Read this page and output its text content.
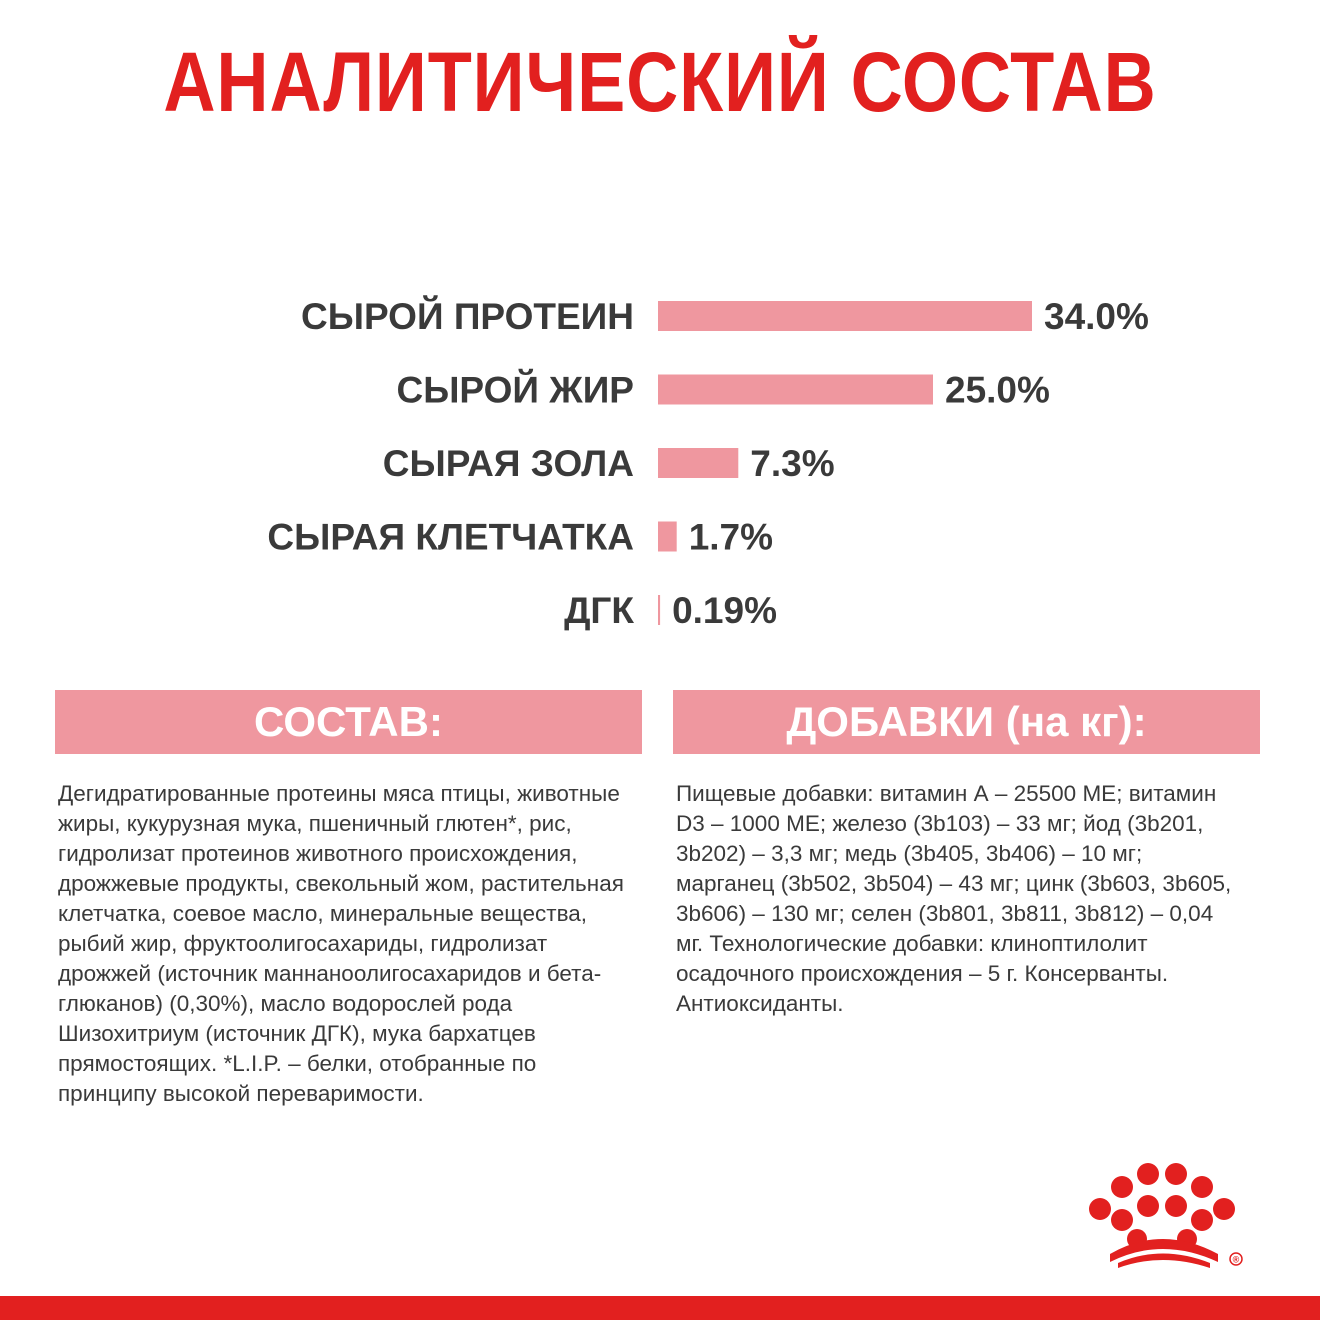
АНАЛИТИЧЕСКИЙ СОСТАВ
СЫРОЙ ПРОТЕИН	34.0%
СЫРОЙ ЖИР	25.0%
СЫРАЯ ЗОЛА	7.3%
СЫРАЯ КЛЕТЧАТКА 1.7%
ДГК 0.19%
СОСТАВ:	ДОБАВКИ (на кг):
Дегидратированные протеины мяса птицы, животные жиры, кукурузная мука, пшеничный глютен*, рис, гидролизат протеинов животного происхождения, дрожжевые продукты, свекольный жом, растительная клетчатка, соевое масло, минеральные вещества, рыбий жир, фруктоолигосахариды, гидролизат дрожжей (источник маннаноолигосахаридов и бета-глюканов) (0,30%), масло водорослей рода Шизохитриум (источник ДГК), мука бархатцев прямостоящих. *L.I.P. – белки, отобранные по принципу высокой переваримости.
Пищевые добавки: витамин А – 25500 МЕ; витамин D3 – 1000 МЕ; железо (3b103) – 33 мг; йод (3b201, 3b202) – 3,3 мг; медь (3b405, 3b406) – 10 мг; марганец (3b502, 3b504) – 43 мг; цинк (3b603, 3b605, 3b606) – 130 мг; селен (3b801, 3b811, 3b812) – 0,04 мг. Технологические добавки: клиноптилолит осадочного происхождения – 5 г. Консерванты. Антиоксиданты.
®
